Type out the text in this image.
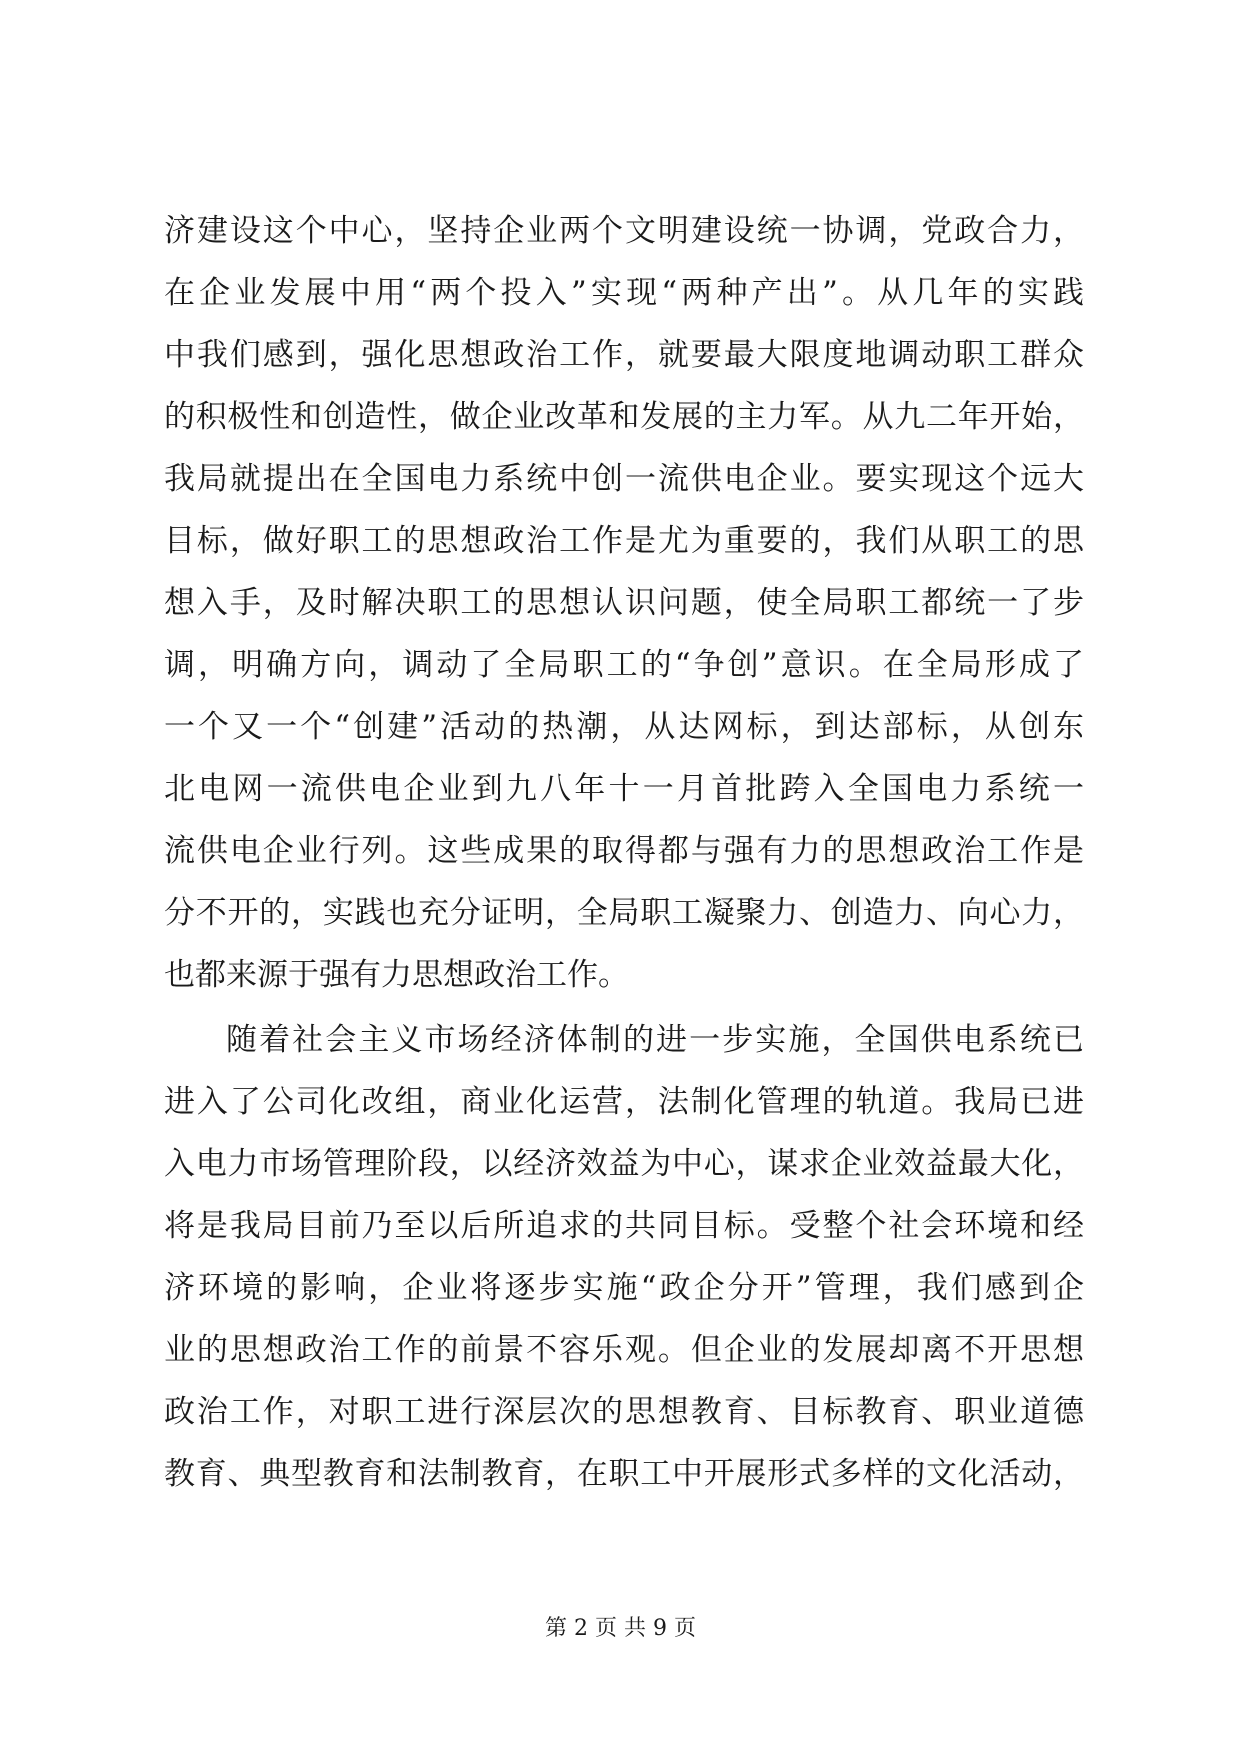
济建设这个中心，坚持企业两个文明建设统一协调，党政合力，
在企业发展中用“两个投入”实现“两种产出”。从几年的实践
中我们感到，强化思想政治工作，就要最大限度地调动职工群众
的积极性和创造性，做企业改革和发展的主力军。从九二年开始，
我局就提出在全国电力系统中创一流供电企业。要实现这个远大
目标，做好职工的思想政治工作是尤为重要的，我们从职工的思
想入手，及时解决职工的思想认识问题，使全局职工都统一了步
调，明确方向，调动了全局职工的“争创”意识。在全局形成了
一个又一个“创建”活动的热潮，从达网标，到达部标，从创东
北电网一流供电企业到九八年十一月首批跨入全国电力系统一
流供电企业行列。这些成果的取得都与强有力的思想政治工作是
分不开的，实践也充分证明，全局职工凝聚力、创造力、向心力，
也都来源于强有力思想政治工作。
随着社会主义市场经济体制的进一步实施，全国供电系统已
进入了公司化改组，商业化运营，法制化管理的轨道。我局已进
入电力市场管理阶段，以经济效益为中心，谋求企业效益最大化，
将是我局目前乃至以后所追求的共同目标。受整个社会环境和经
济环境的影响，企业将逐步实施“政企分开”管理，我们感到企
业的思想政治工作的前景不容乐观。但企业的发展却离不开思想
政治工作，对职工进行深层次的思想教育、目标教育、职业道德
教育、典型教育和法制教育，在职工中开展形式多样的文化活动，
第 2 页 共 9 页
